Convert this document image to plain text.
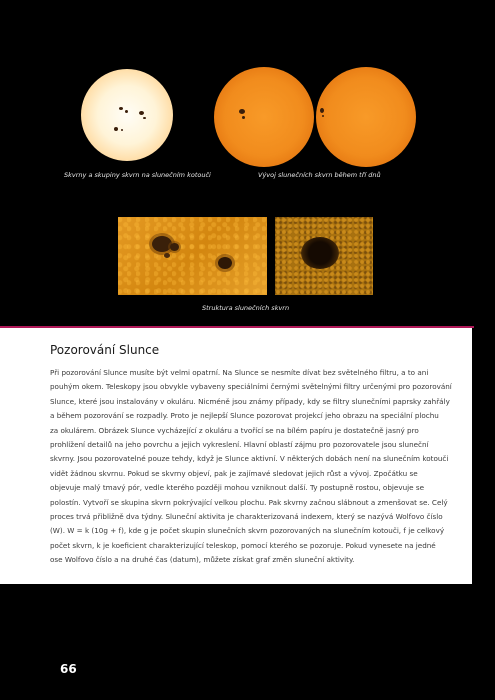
Skvrny a skupiny skvrn na slunečním kotouči	Vývoj slunečních skvrn během tří dnů
Struktura slunečních skvrn
Pozorování Slunce
Při pozorování Slunce musíte být velmi opatrní. Na Slunce se nesmíte dívat bez světelného filtru, a to ani
pouhým okem. Teleskopy jsou obvykle vybaveny speciálními černými světelnými filtry určenými pro pozorování
Slunce, které jsou instalovány v okuláru. Nicméně jsou známy případy, kdy se filtry slunečními paprsky zahřály
a během pozorování se rozpadly. Proto je nejlepší Slunce pozorovat projekcí jeho obrazu na speciální plochu
za okulárem. Obrázek Slunce vycházející z okuláru a tvořící se na bílém papíru je dostatečně jasný pro
prohlížení detailů na jeho povrchu a jejich vykreslení. Hlavní oblastí zájmu pro pozorovatele jsou sluneční
skvrny. Jsou pozorovatelné pouze tehdy, když je Slunce aktivní. V některých dobách není na slunečním kotouči
vidět žádnou skvrnu. Pokud se skvrny objeví, pak je zajímavé sledovat jejich růst a vývoj. Zpočátku se
objevuje malý tmavý pór, vedle kterého později mohou vzniknout další. Ty postupně rostou, objevuje se
polostín. Vytvoří se skupina skvrn pokrývající velkou plochu. Pak skvrny začnou slábnout a zmenšovat se. Celý
proces trvá přibližně dva týdny. Sluneční aktivita je charakterizovaná indexem, který se nazývá Wolfovo číslo
(W). W = k (10g + f), kde g je počet skupin slunečních skvrn pozorovaných na slunečním kotouči, f je celkový
počet skvrn, k je koeficient charakterizující teleskop, pomocí kterého se pozoruje. Pokud vynesete na jedné
ose Wolfovo číslo a na druhé čas (datum), můžete získat graf změn sluneční aktivity.
66
